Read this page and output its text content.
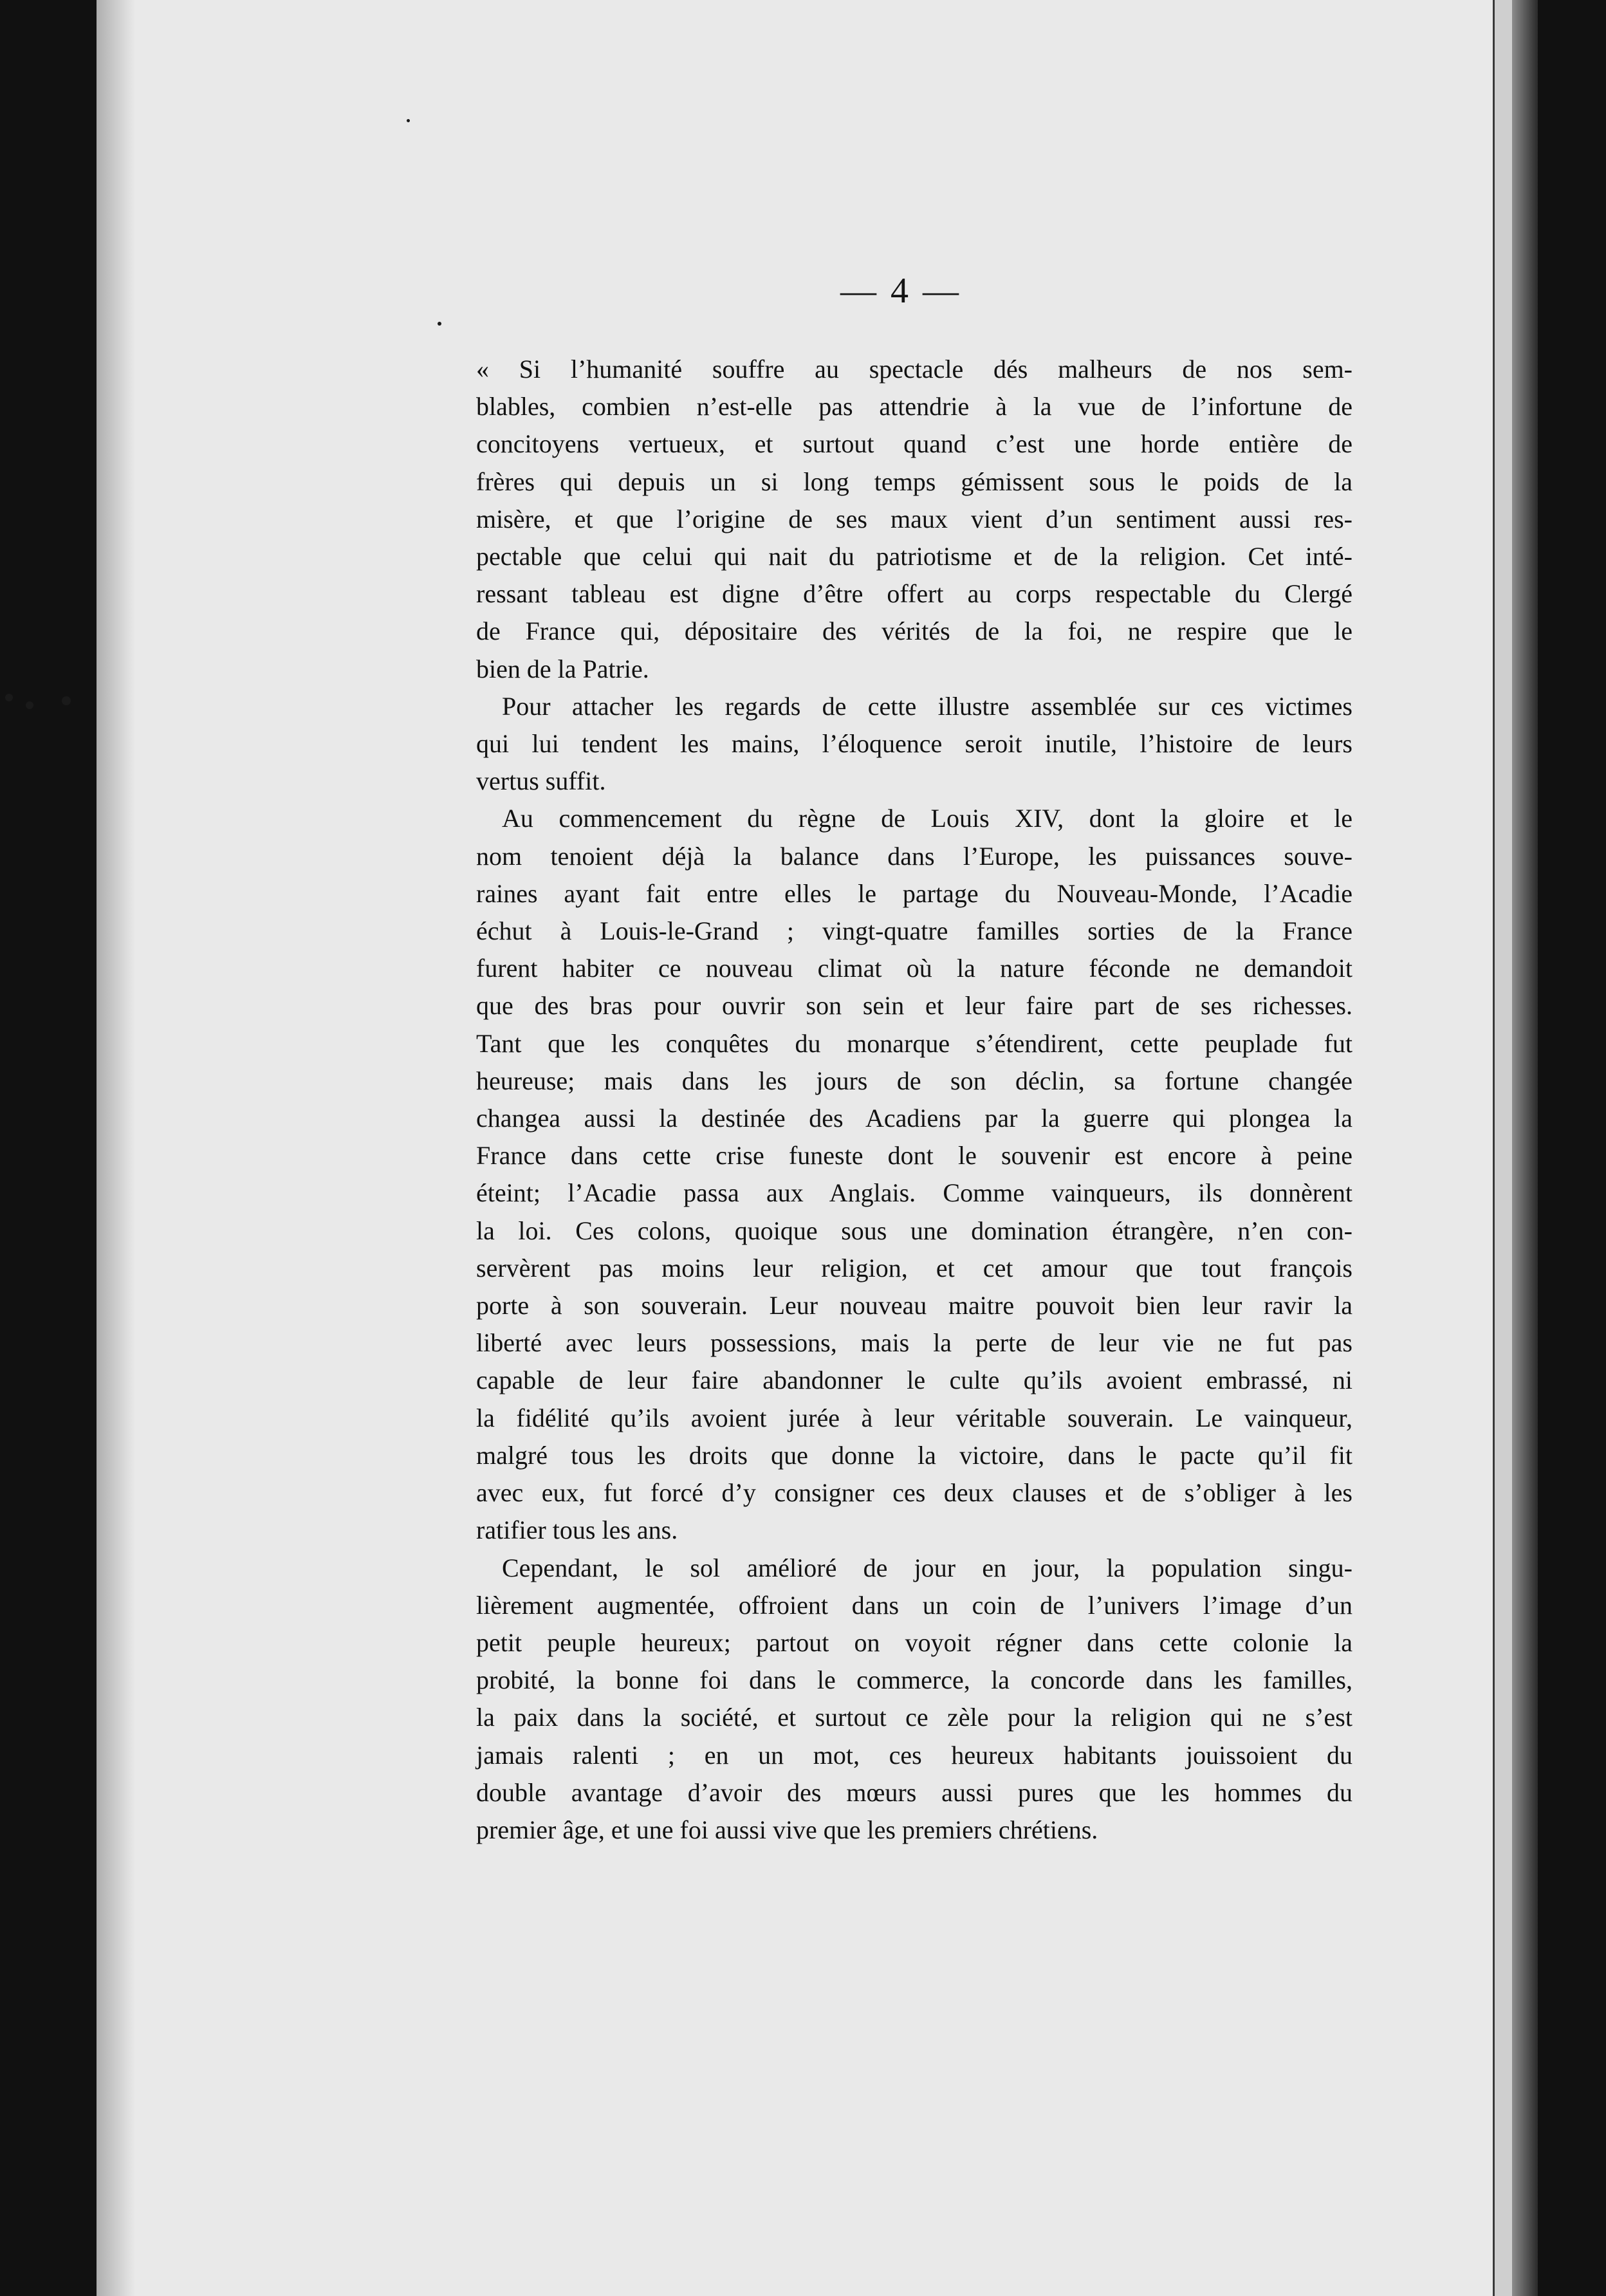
— 4 —
« Si l’humanité souffre au spectacle dés malheurs de nos sem-
blables, combien n’est-elle pas attendrie à la vue de l’infortune de
concitoyens vertueux, et surtout quand c’est une horde entière de
frères qui depuis un si long temps gémissent sous le poids de la
misère, et que l’origine de ses maux vient d’un sentiment aussi res-
pectable que celui qui nait du patriotisme et de la religion. Cet inté-
ressant tableau est digne d’être offert au corps respectable du Clergé
de France qui, dépositaire des vérités de la foi, ne respire que le
bien de la Patrie.
Pour attacher les regards de cette illustre assemblée sur ces victimes
qui lui tendent les mains, l’éloquence seroit inutile, l’histoire de leurs
vertus suffit.
Au commencement du règne de Louis XIV, dont la gloire et le
nom tenoient déjà la balance dans l’Europe, les puissances souve-
raines ayant fait entre elles le partage du Nouveau-Monde, l’Acadie
échut à Louis-le-Grand ; vingt-quatre familles sorties de la France
furent habiter ce nouveau climat où la nature féconde ne demandoit
que des bras pour ouvrir son sein et leur faire part de ses richesses.
Tant que les conquêtes du monarque s’étendirent, cette peuplade fut
heureuse; mais dans les jours de son déclin, sa fortune changée
changea aussi la destinée des Acadiens par la guerre qui plongea la
France dans cette crise funeste dont le souvenir est encore à peine
éteint; l’Acadie passa aux Anglais. Comme vainqueurs, ils donnèrent
la loi. Ces colons, quoique sous une domination étrangère, n’en con-
servèrent pas moins leur religion, et cet amour que tout françois
porte à son souverain. Leur nouveau maitre pouvoit bien leur ravir la
liberté avec leurs possessions, mais la perte de leur vie ne fut pas
capable de leur faire abandonner le culte qu’ils avoient embrassé, ni
la fidélité qu’ils avoient jurée à leur véritable souverain. Le vainqueur,
malgré tous les droits que donne la victoire, dans le pacte qu’il fit
avec eux, fut forcé d’y consigner ces deux clauses et de s’obliger à les
ratifier tous les ans.
Cependant, le sol amélioré de jour en jour, la population singu-
lièrement augmentée, offroient dans un coin de l’univers l’image d’un
petit peuple heureux; partout on voyoit régner dans cette colonie la
probité, la bonne foi dans le commerce, la concorde dans les familles,
la paix dans la société, et surtout ce zèle pour la religion qui ne s’est
jamais ralenti ; en un mot, ces heureux habitants jouissoient du
double avantage d’avoir des mœurs aussi pures que les hommes du
premier âge, et une foi aussi vive que les premiers chrétiens.
